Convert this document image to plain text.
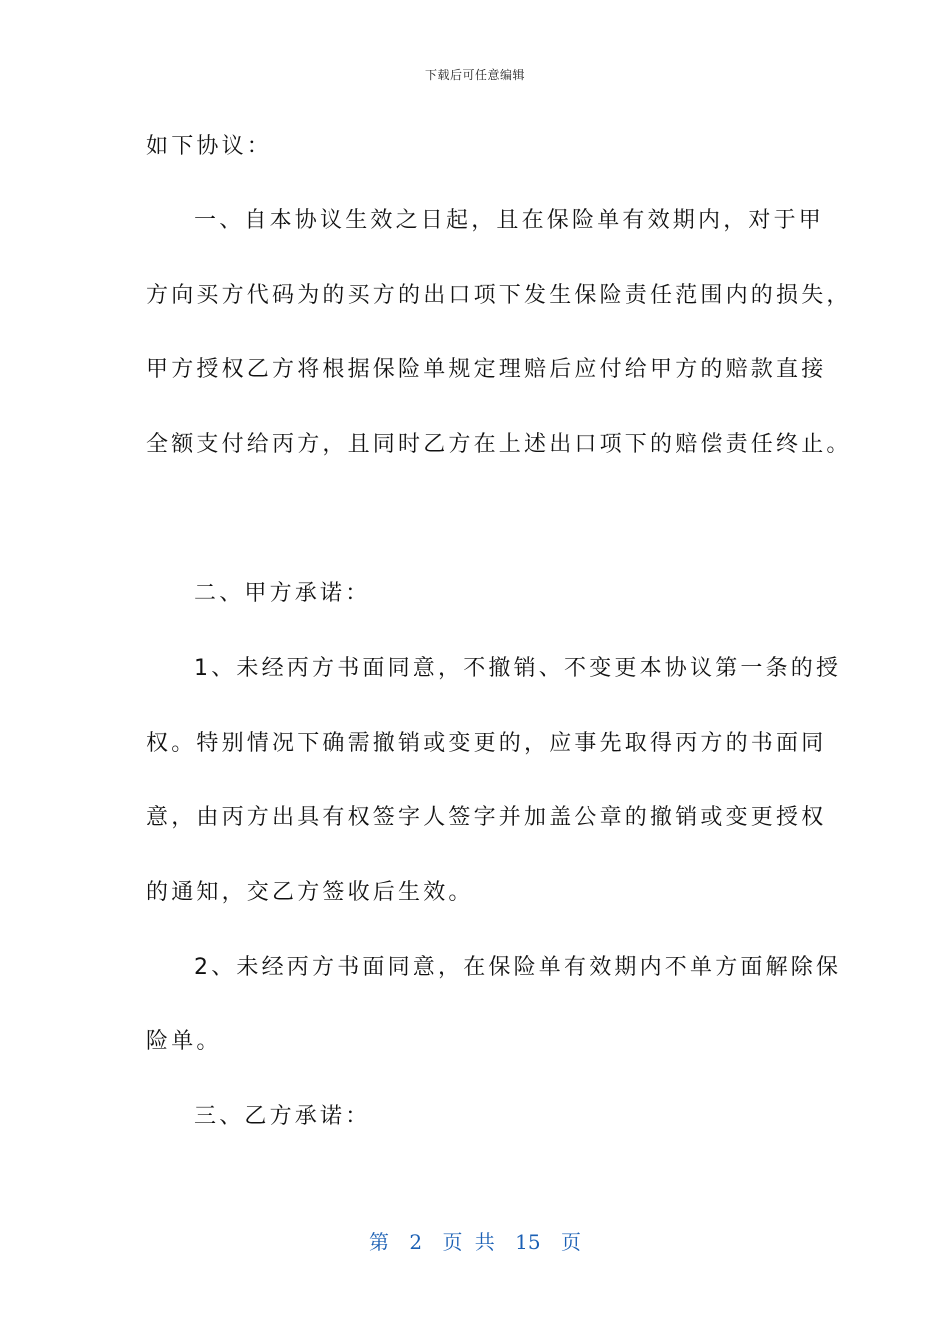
下载后可任意编辑
如下协议：
一、自本协议生效之日起，且在保险单有效期内，对于甲
方向买方代码为的买方的出口项下发生保险责任范围内的损失，
甲方授权乙方将根据保险单规定理赔后应付给甲方的赔款直接
全额支付给丙方，且同时乙方在上述出口项下的赔偿责任终止。
二、甲方承诺：
1、未经丙方书面同意，不撤销、不变更本协议第一条的授
权。特别情况下确需撤销或变更的，应事先取得丙方的书面同
意，由丙方出具有权签字人签字并加盖公章的撤销或变更授权
的通知，交乙方签收后生效。
2、未经丙方书面同意，在保险单有效期内不单方面解除保
险单。
三、乙方承诺：
第 2 页 共 15 页
